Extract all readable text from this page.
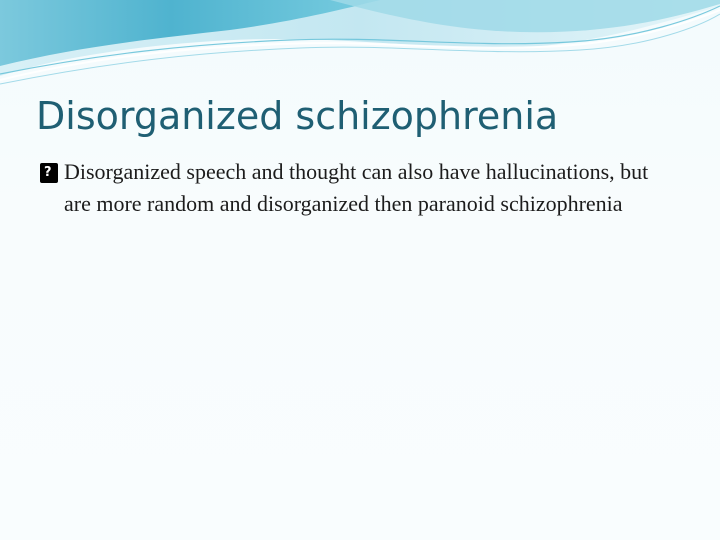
Disorganized schizophrenia
? Disorganized speech and thought can also have hallucinations, but are more random and disorganized then paranoid schizophrenia
